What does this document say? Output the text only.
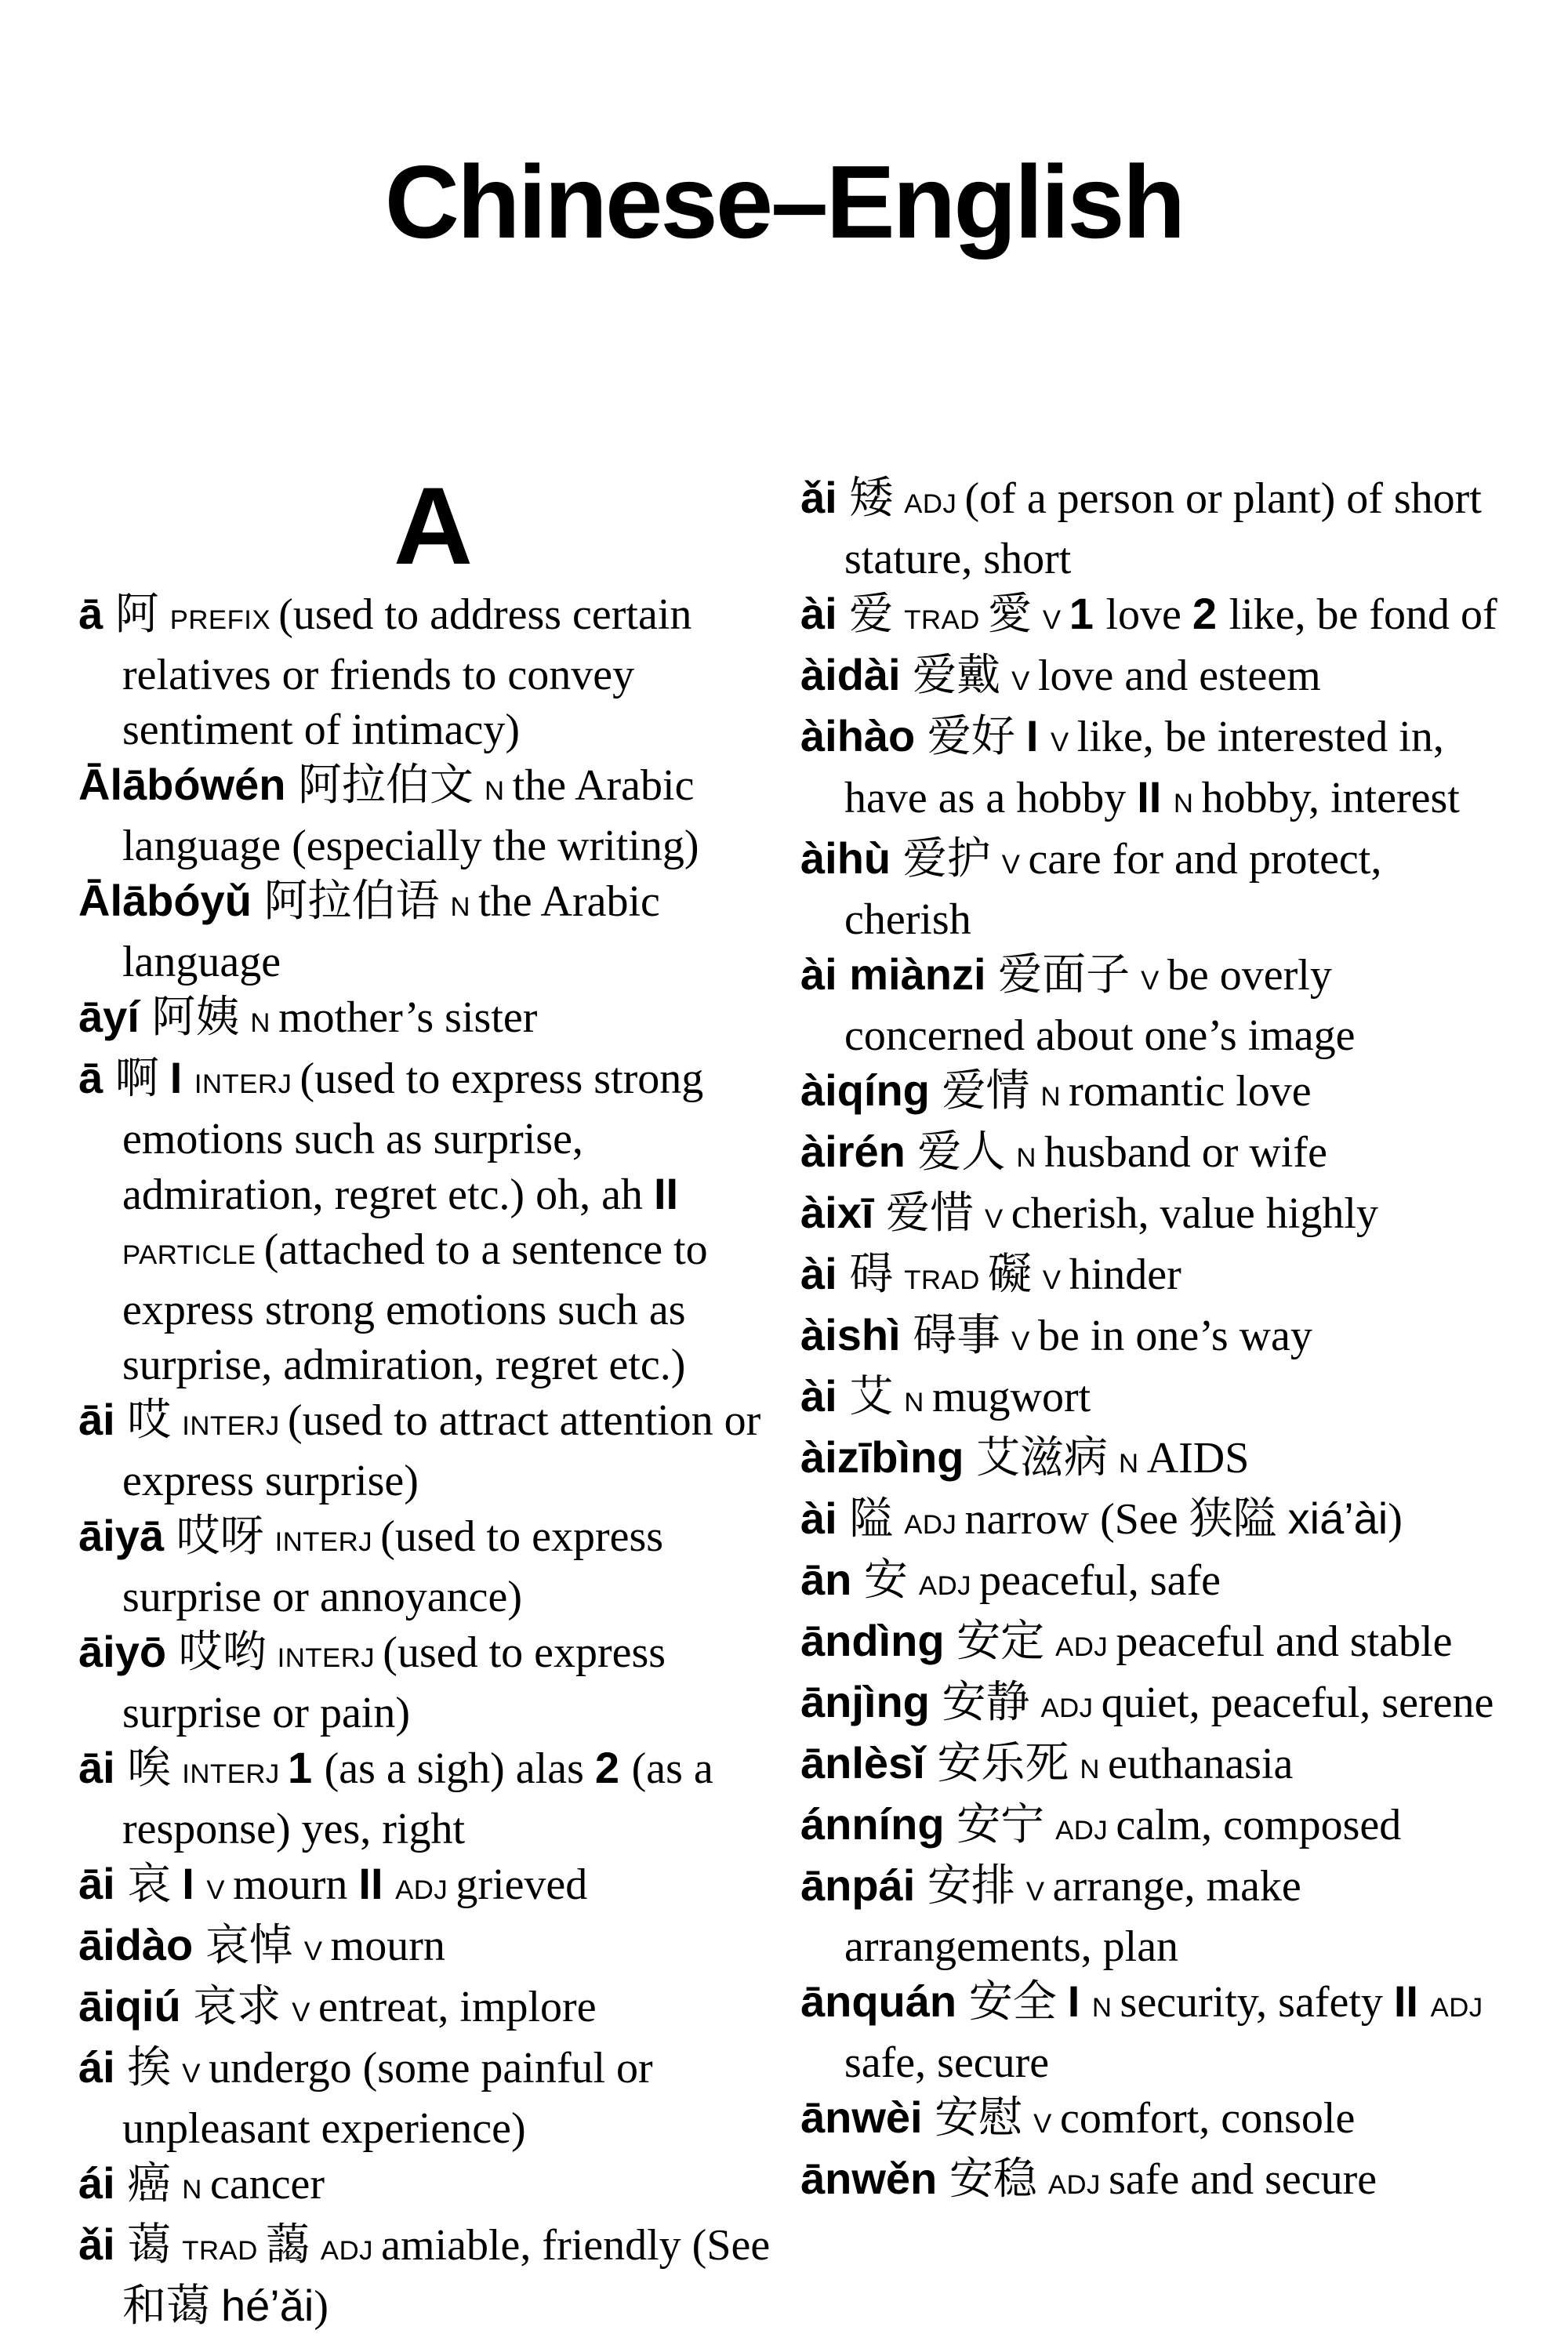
Chinese–English
A
ā 阿 PREFIX (used to address certain relatives or friends to convey sentiment of intimacy)
Ālābówén 阿拉伯文 N the Arabic language (especially the writing)
Ālābóyǔ 阿拉伯语 N the Arabic language
āyí 阿姨 N mother’s sister
ā 啊 I INTERJ (used to express strong emotions such as surprise, admiration, regret etc.) oh, ah II PARTICLE (attached to a sentence to express strong emotions such as surprise, admiration, regret etc.)
āi 哎 INTERJ (used to attract attention or express surprise)
āiyā 哎呀 INTERJ (used to express surprise or annoyance)
āiyō 哎哟 INTERJ (used to express surprise or pain)
āi 唉 INTERJ 1 (as a sigh) alas 2 (as a response) yes, right
āi 哀 I V mourn II ADJ grieved
āidào 哀悼 V mourn
āiqiú 哀求 V entreat, implore
ái 挨 V undergo (some painful or unpleasant experience)
ái 癌 N cancer
ǎi 蔼 TRAD 藹 ADJ amiable, friendly (See 和蔼 hé’ǎi)
ǎi 矮 ADJ (of a person or plant) of short stature, short
ài 爱 TRAD 愛 V 1 love 2 like, be fond of
àidài 爱戴 V love and esteem
àihào 爱好 I V like, be interested in, have as a hobby II N hobby, interest
àihù 爱护 V care for and protect, cherish
ài miànzi 爱面子 V be overly concerned about one’s image
àiqíng 爱情 N romantic love
àirén 爱人 N husband or wife
àixī 爱惜 V cherish, value highly
ài 碍 TRAD 礙 V hinder
àishì 碍事 V be in one’s way
ài 艾 N mugwort
àizībìng 艾滋病 N AIDS
ài 隘 ADJ narrow (See 狭隘 xiá’ài)
ān 安 ADJ peaceful, safe
āndìng 安定 ADJ peaceful and stable
ānjìng 安静 ADJ quiet, peaceful, serene
ānlèsǐ 安乐死 N euthanasia
ánníng 安宁 ADJ calm, composed
ānpái 安排 V arrange, make arrangements, plan
ānquán 安全 I N security, safety II ADJ safe, secure
ānwèi 安慰 V comfort, console
ānwěn 安稳 ADJ safe and secure
